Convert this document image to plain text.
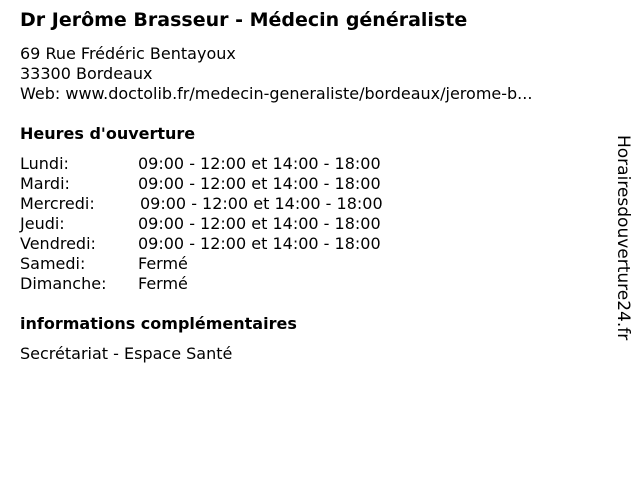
Dr Jerôme Brasseur - Médecin généraliste
69 Rue Frédéric Bentayoux
33300 Bordeaux
Web: www.doctolib.fr/medecin-generaliste/bordeaux/jerome-b...
Heures d'ouverture
Lundi:	09:00 - 12:00 et 14:00 - 18:00
Mardi:	09:00 - 12:00 et 14:00 - 18:00
Mercredi:	09:00 - 12:00 et 14:00 - 18:00
Jeudi:	09:00 - 12:00 et 14:00 - 18:00
Vendredi:	09:00 - 12:00 et 14:00 - 18:00
Samedi:	Fermé
Dimanche: Fermé
informations complémentaires
Secrétariat - Espace Santé
Horairesdouverture24.fr
